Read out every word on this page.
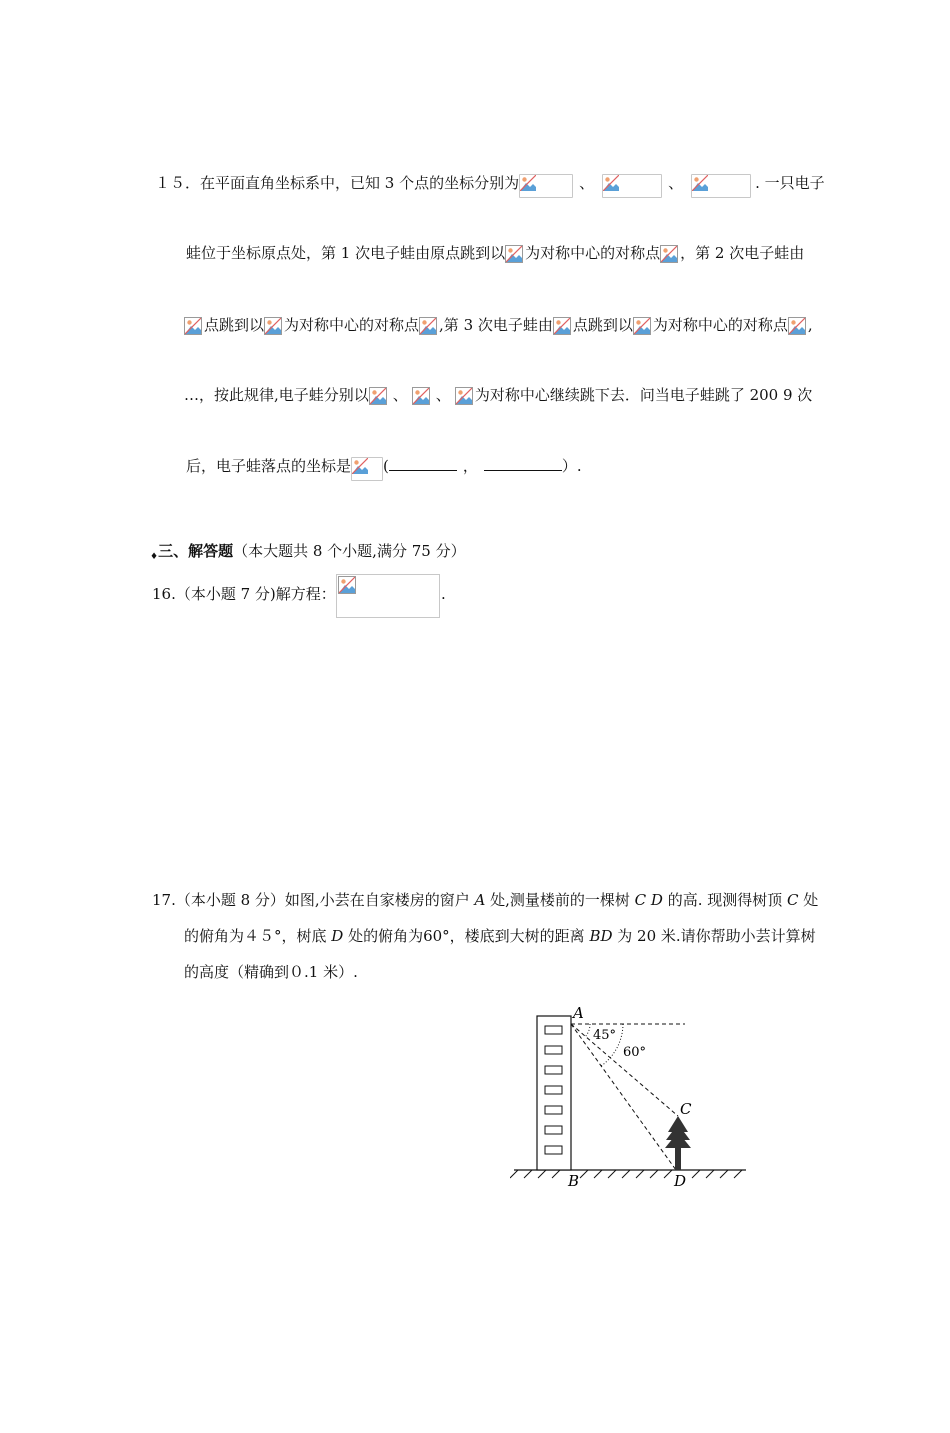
１５．在平面直角坐标系中，已知 3 个点的坐标分别为	、	、	. 一只电子
蛙位于坐标原点处，第 1 次电子蛙由原点跳到以 为对称中心的对称点 ，第 2 次电子蛙由
点跳到以 为对称中心的对称点 ,第 3 次电子蛙由 点跳到以 为对称中心的对称点 ,
…，按此规律,电子蛙分别以 、 、 为对称中心继续跳下去．问当电子蛙跳了 200 9 次
后，电子蛙落点的坐标是 (	，	）.
$_♦$三、解答题（本大题共 8 个小题,满分 75 分）
16.（本小题 7 分)解方程：	.
17.（本小题 8 分）如图,小芸在自家楼房的窗户 A 处,测量楼前的一棵树 C D 的高. 现测得树顶 C 处
的俯角为４５°，树底 D 处的俯角为60°，楼底到大树的距离 BD 为 20 米.请你帮助小芸计算树
的高度（精确到０.1 米）.
A
B
C
D
45°
60°
